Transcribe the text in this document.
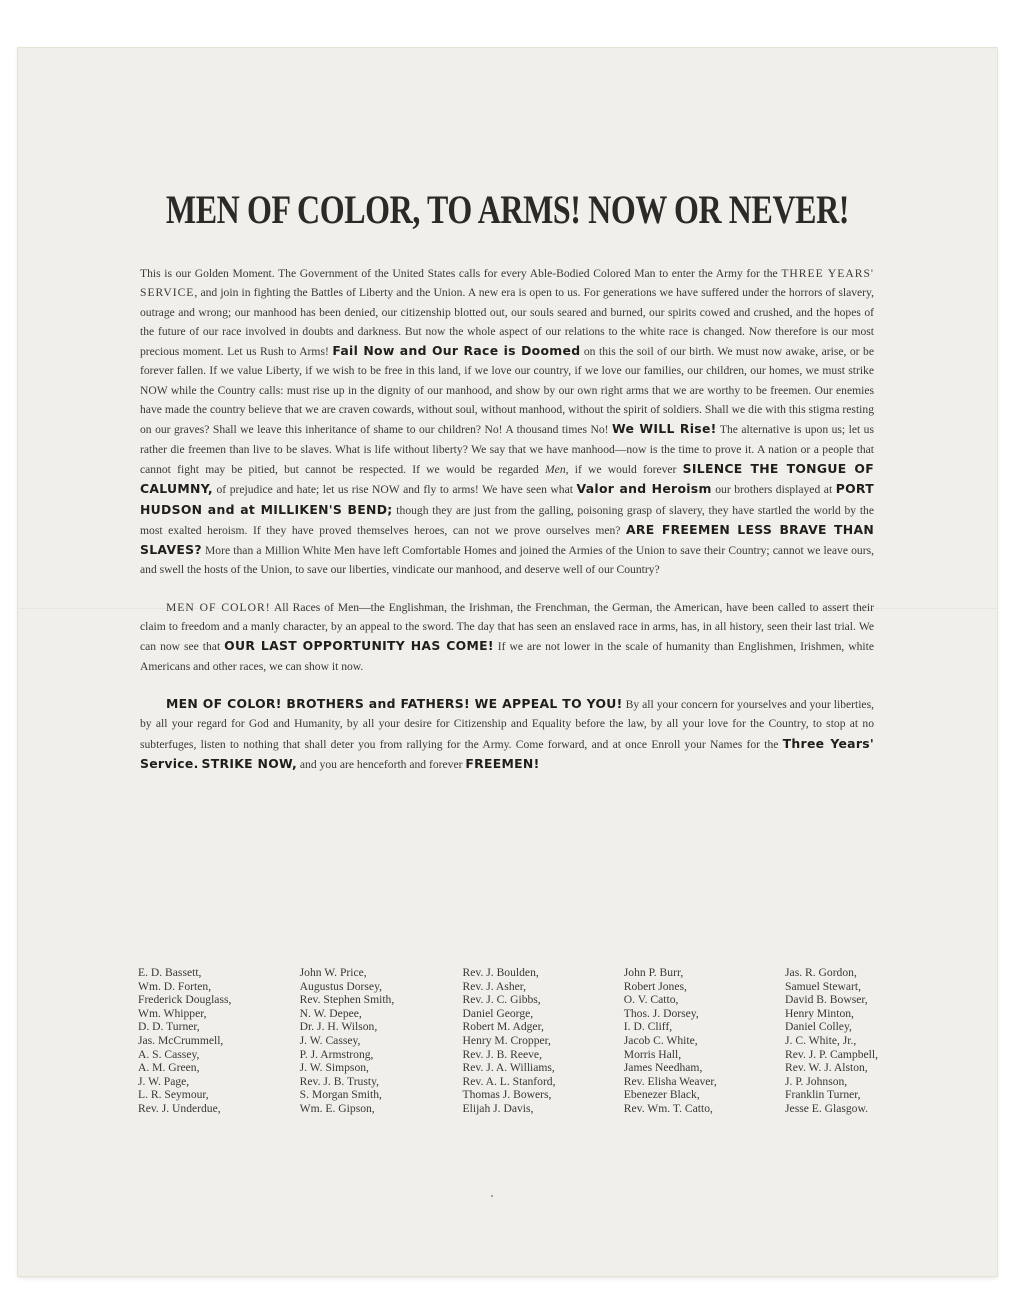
MEN OF COLOR, TO ARMS! NOW OR NEVER!

This is our Golden Moment. The Government of the United States calls for every Able-Bodied Colored Man to enter the Army for the THREE YEARS' SERVICE, and join in fighting the Battles of Liberty and the Union. A new era is open to us. For generations we have suffered under the horrors of slavery, outrage and wrong; our manhood has been denied, our citizenship blotted out, our souls seared and burned, our spirits cowed and crushed, and the hopes of the future of our race involved in doubts and darkness. But now the whole aspect of our relations to the white race is changed. Now therefore is our most precious moment. Let us Rush to Arms! Fail Now and Our Race is Doomed on this the soil of our birth. We must now awake, arise, or be forever fallen. If we value Liberty, if we wish to be free in this land, if we love our country, if we love our families, our children, our homes, we must strike NOW while the Country calls: must rise up in the dignity of our manhood, and show by our own right arms that we are worthy to be freemen. Our enemies have made the country believe that we are craven cowards, without soul, without manhood, without the spirit of soldiers. Shall we die with this stigma resting on our graves? Shall we leave this inheritance of shame to our children? No! A thousand times No! We WILL Rise! The alternative is upon us; let us rather die freemen than live to be slaves. What is life without liberty? We say that we have manhood—now is the time to prove it. A nation or a people that cannot fight may be pitied, but cannot be respected. If we would be regarded Men, if we would forever SILENCE THE TONGUE OF CALUMNY, of prejudice and hate; let us rise NOW and fly to arms! We have seen what Valor and Heroism our brothers displayed at PORT HUDSON and at MILLIKEN'S BEND; though they are just from the galling, poisoning grasp of slavery, they have startled the world by the most exalted heroism. If they have proved themselves heroes, can not we prove ourselves men? ARE FREEMEN LESS BRAVE THAN SLAVES? More than a Million White Men have left Comfortable Homes and joined the Armies of the Union to save their Country; cannot we leave ours, and swell the hosts of the Union, to save our liberties, vindicate our manhood, and deserve well of our Country?

MEN OF COLOR! All Races of Men—the Englishman, the Irishman, the Frenchman, the German, the American, have been called to assert their claim to freedom and a manly character, by an appeal to the sword. The day that has seen an enslaved race in arms, has, in all history, seen their last trial. We can now see that OUR LAST OPPORTUNITY HAS COME! If we are not lower in the scale of humanity than Englishmen, Irishmen, white Americans and other races, we can show it now.

MEN OF COLOR! BROTHERS and FATHERS! WE APPEAL TO YOU! By all your concern for yourselves and your liberties, by all your regard for God and Humanity, by all your desire for Citizenship and Equality before the law, by all your love for the Country, to stop at no subterfuges, listen to nothing that shall deter you from rallying for the Army. Come forward, and at once Enroll your Names for the Three Years' Service. STRIKE NOW, and you are henceforth and forever FREEMEN!

E. D. Bassett,
Wm. D. Forten,
Frederick Douglass,
Wm. Whipper,
D. D. Turner,
Jas. McCrummell,
A. S. Cassey,
A. M. Green,
J. W. Page,
L. R. Seymour,
Rev. J. Underdue,
John W. Price,
Augustus Dorsey,
Rev. Stephen Smith,
N. W. Depee,
Dr. J. H. Wilson,
J. W. Cassey,
P. J. Armstrong,
J. W. Simpson,
Rev. J. B. Trusty,
S. Morgan Smith,
Wm. E. Gipson,
Rev. J. Boulden,
Rev. J. Asher,
Rev. J. C. Gibbs,
Daniel George,
Robert M. Adger,
Henry M. Cropper,
Rev. J. B. Reeve,
Rev. J. A. Williams,
Rev. A. L. Stanford,
Thomas J. Bowers,
Elijah J. Davis,
John P. Burr,
Robert Jones,
O. V. Catto,
Thos. J. Dorsey,
I. D. Cliff,
Jacob C. White,
Morris Hall,
James Needham,
Rev. Elisha Weaver,
Ebenezer Black,
Rev. Wm. T. Catto,
Jas. R. Gordon,
Samuel Stewart,
David B. Bowser,
Henry Minton,
Daniel Colley,
J. C. White, Jr.,
Rev. J. P. Campbell,
Rev. W. J. Alston,
J. P. Johnson,
Franklin Turner,
Jesse E. Glasgow.
